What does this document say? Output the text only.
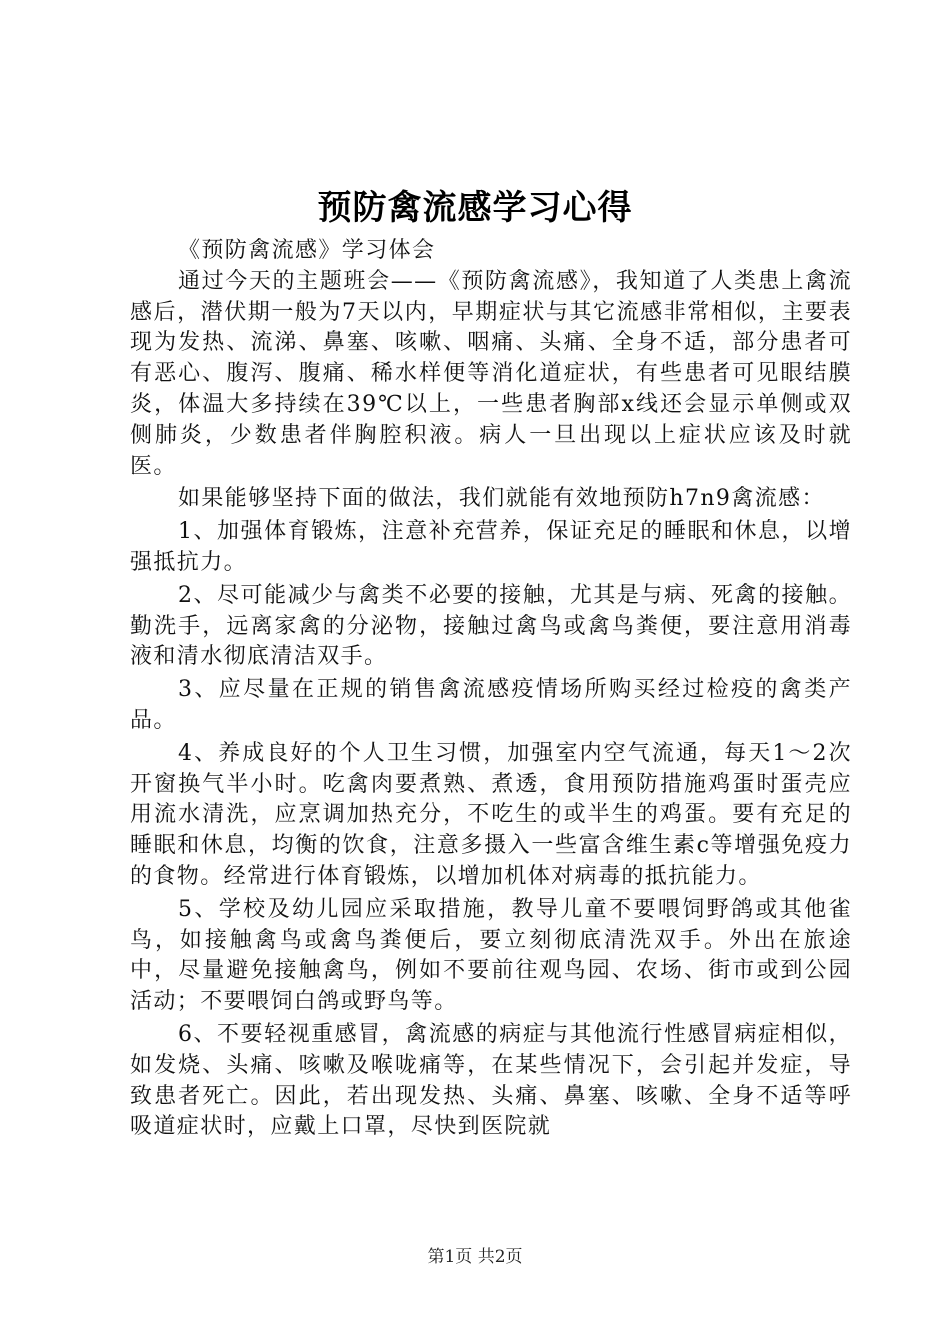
预防禽流感学习心得

《预防禽流感》学习体会

通过今天的主题班会——《预防禽流感》，我知道了人类患上禽流感后，潜伏期一般为7天以内，早期症状与其它流感非常相似，主要表现为发热、流涕、鼻塞、咳嗽、咽痛、头痛、全身不适，部分患者可有恶心、腹泻、腹痛、稀水样便等消化道症状，有些患者可见眼结膜炎，体温大多持续在39℃以上，一些患者胸部x线还会显示单侧或双侧肺炎，少数患者伴胸腔积液。病人一旦出现以上症状应该及时就医。

如果能够坚持下面的做法，我们就能有效地预防h7n9禽流感：

1、加强体育锻炼，注意补充营养，保证充足的睡眠和休息，以增强抵抗力。

2、尽可能减少与禽类不必要的接触，尤其是与病、死禽的接触。勤洗手，远离家禽的分泌物，接触过禽鸟或禽鸟粪便，要注意用消毒液和清水彻底清洁双手。

3、应尽量在正规的销售禽流感疫情场所购买经过检疫的禽类产品。

4、养成良好的个人卫生习惯，加强室内空气流通，每天1～2次开窗换气半小时。吃禽肉要煮熟、煮透，食用预防措施鸡蛋时蛋壳应用流水清洗，应烹调加热充分，不吃生的或半生的鸡蛋。要有充足的睡眠和休息，均衡的饮食，注意多摄入一些富含维生素c等增强免疫力的食物。经常进行体育锻炼，以增加机体对病毒的抵抗能力。

5、学校及幼儿园应采取措施，教导儿童不要喂饲野鸽或其他雀鸟，如接触禽鸟或禽鸟粪便后，要立刻彻底清洗双手。外出在旅途中，尽量避免接触禽鸟，例如不要前往观鸟园、农场、街市或到公园活动；不要喂饲白鸽或野鸟等。

6、不要轻视重感冒，禽流感的病症与其他流行性感冒病症相似，如发烧、头痛、咳嗽及喉咙痛等，在某些情况下，会引起并发症，导致患者死亡。因此，若出现发热、头痛、鼻塞、咳嗽、全身不适等呼吸道症状时，应戴上口罩，尽快到医院就

第1页 共2页
